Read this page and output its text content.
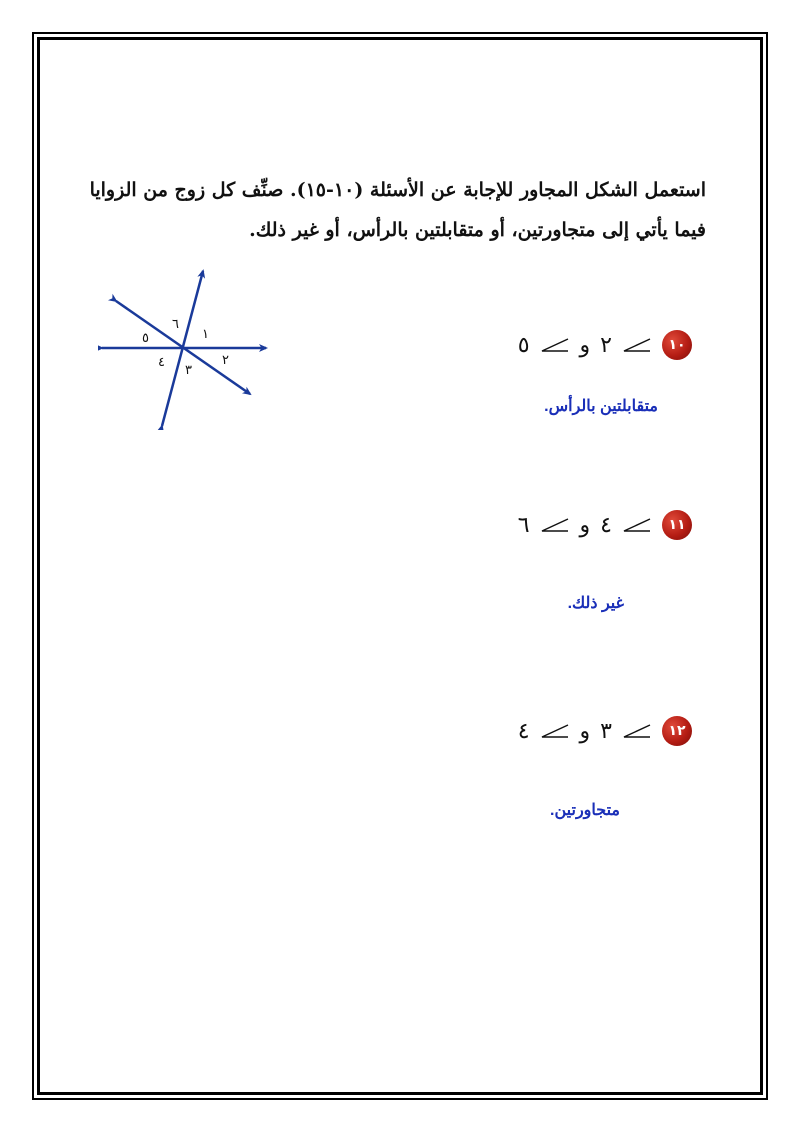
استعمل الشكل المجاور للإجابة عن الأسئلة (١٠-١٥). صنِّف كل زوج من الزوايا فيما يأتي إلى متجاورتين، أو متقابلتين بالرأس، أو غير ذلك.
١
٢
٣
٤
٥
٦
١٠
٢
و
٥
متقابلتين بالرأس.
١١
٤
و
٦
غير ذلك.
١٢
٣
و
٤
متجاورتين.
